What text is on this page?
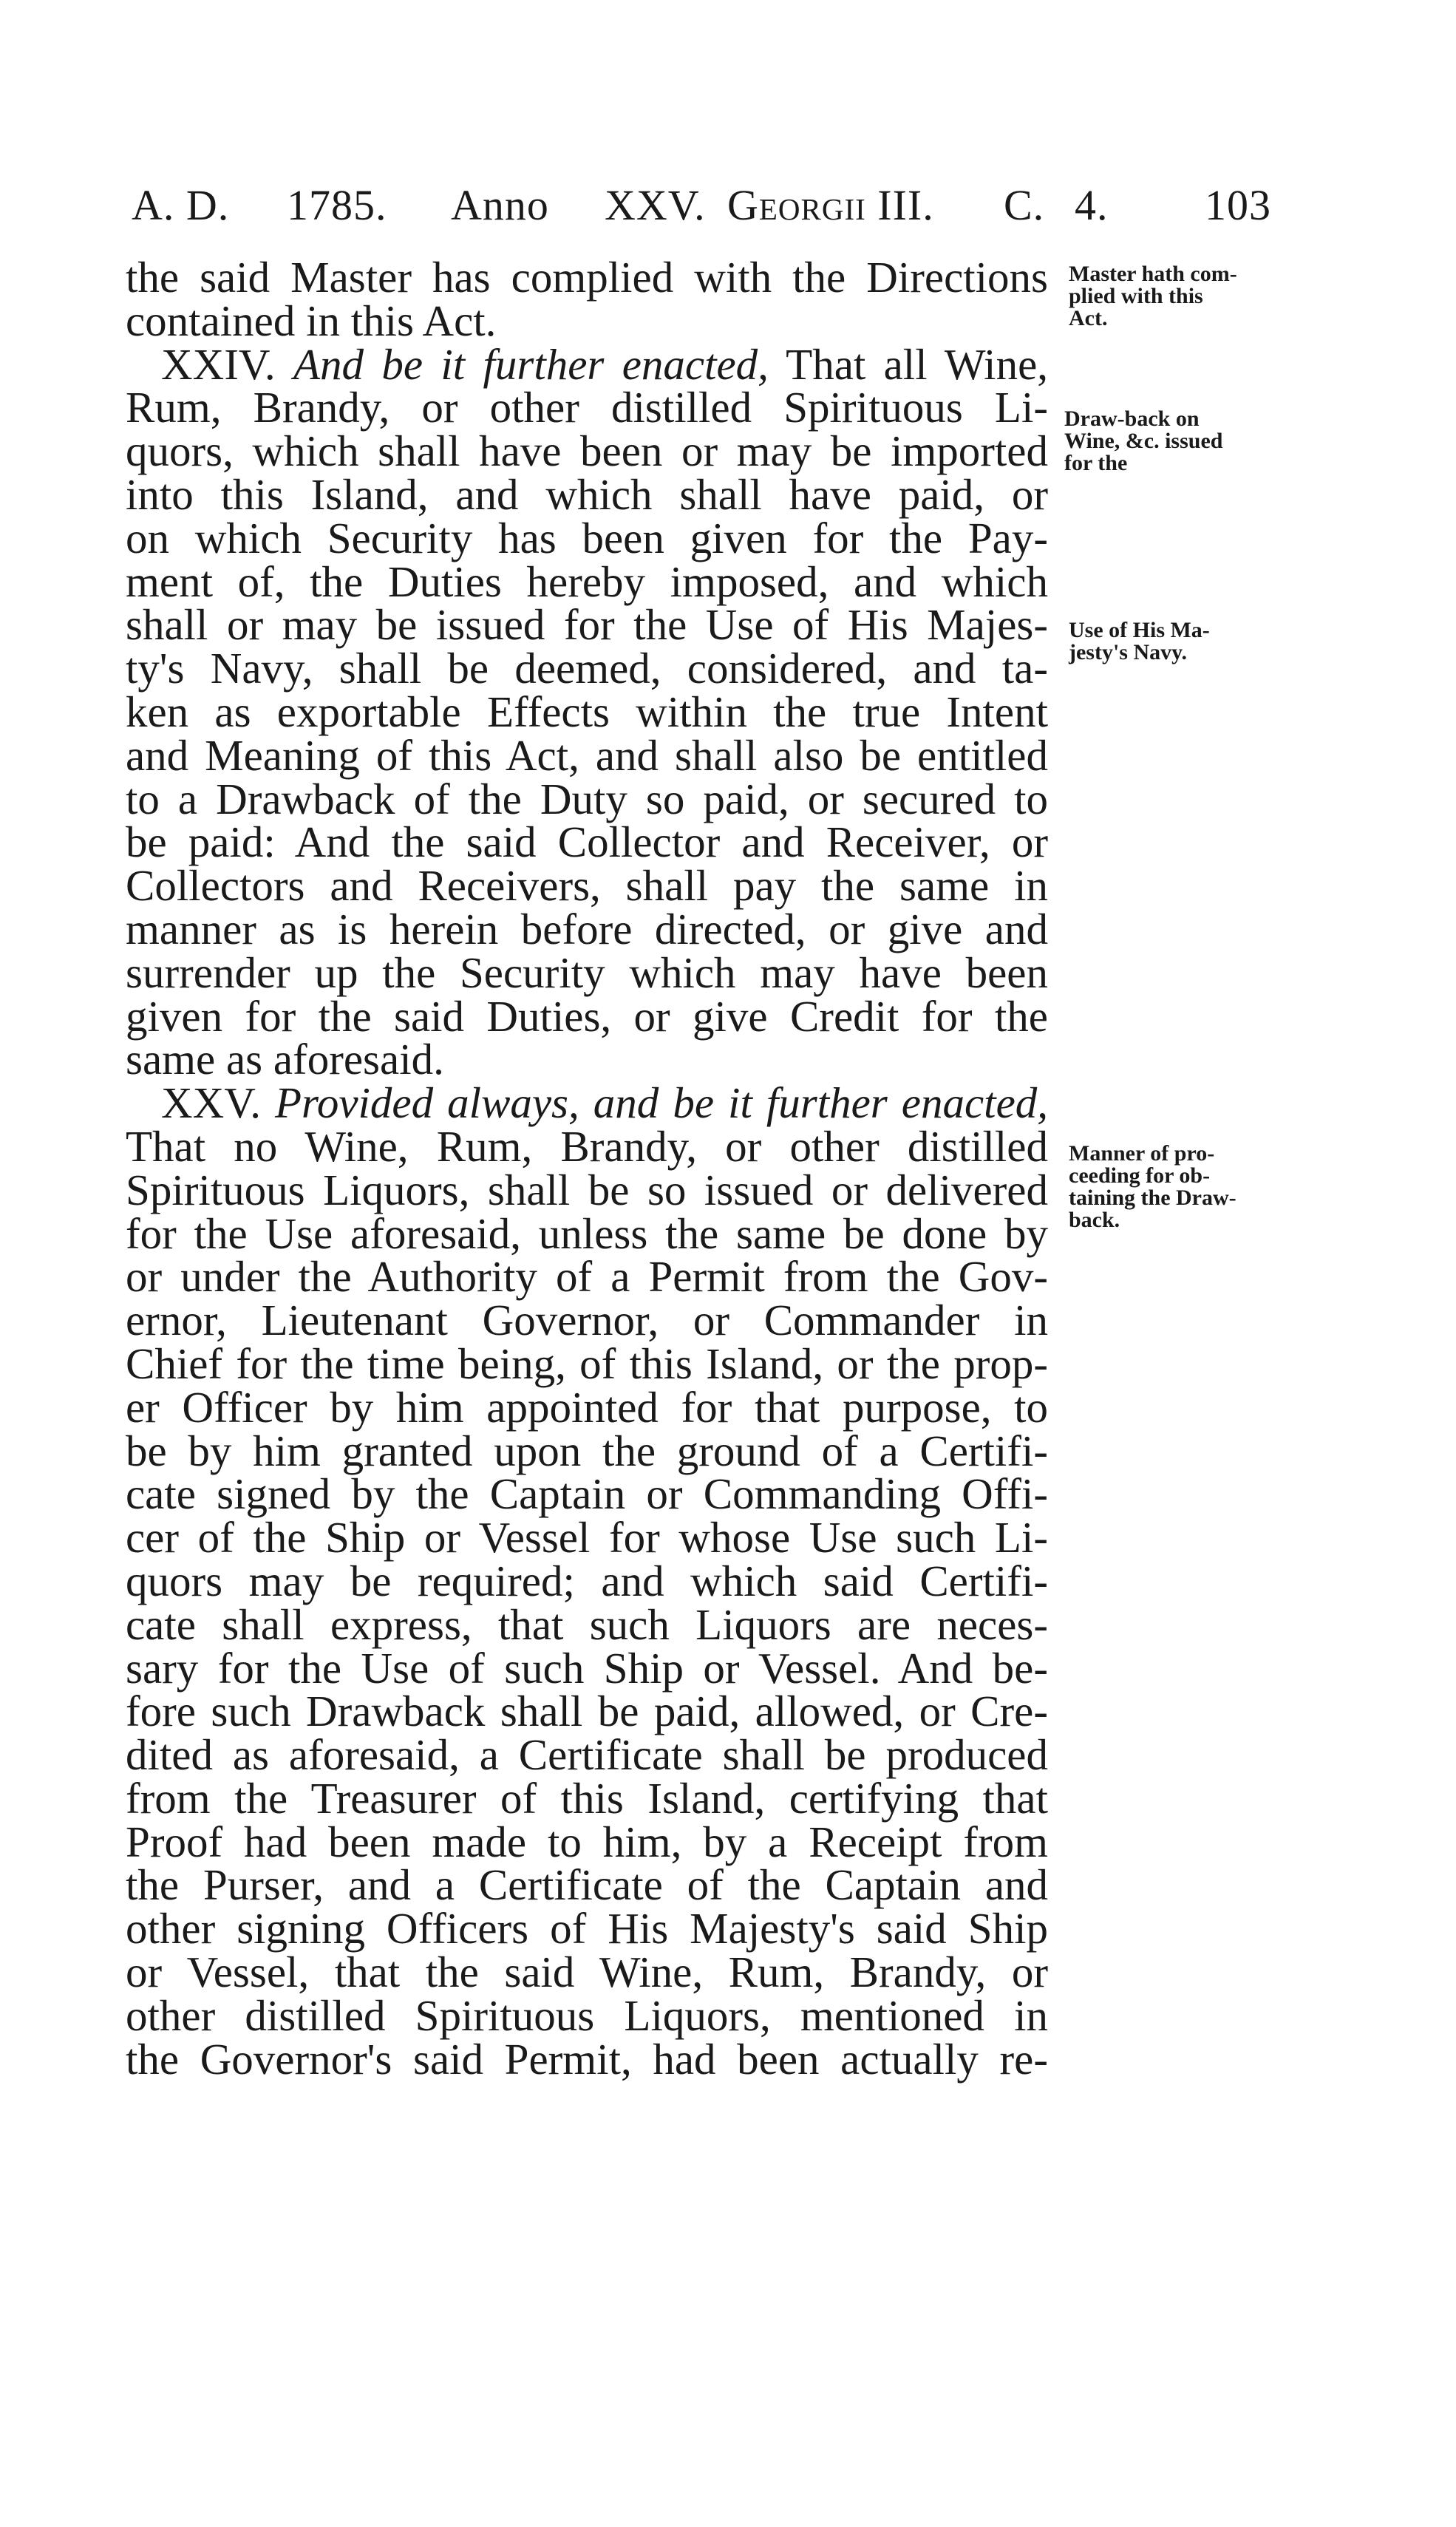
A. D. 1785. Anno XXV. Georgii III. C. 4. 103
the said Master has complied with the Directions
contained in this Act.
XXIV. And be it further enacted, That all Wine,
Rum, Brandy, or other distilled Spirituous Li-
quors, which shall have been or may be imported
into this Island, and which shall have paid, or
on which Security has been given for the Pay-
ment of, the Duties hereby imposed, and which
shall or may be issued for the Use of His Majes-
ty's Navy, shall be deemed, considered, and ta-
ken as exportable Effects within the true Intent
and Meaning of this Act, and shall also be entitled
to a Drawback of the Duty so paid, or secured to
be paid: And the said Collector and Receiver, or
Collectors and Receivers, shall pay the same in
manner as is herein before directed, or give and
surrender up the Security which may have been
given for the said Duties, or give Credit for the
same as aforesaid.
XXV. Provided always, and be it further enacted,
That no Wine, Rum, Brandy, or other distilled
Spirituous Liquors, shall be so issued or delivered
for the Use aforesaid, unless the same be done by
or under the Authority of a Permit from the Gov-
ernor, Lieutenant Governor, or Commander in
Chief for the time being, of this Island, or the prop-
er Officer by him appointed for that purpose, to
be by him granted upon the ground of a Certifi-
cate signed by the Captain or Commanding Offi-
cer of the Ship or Vessel for whose Use such Li-
quors may be required; and which said Certifi-
cate shall express, that such Liquors are neces-
sary for the Use of such Ship or Vessel. And be-
fore such Drawback shall be paid, allowed, or Cre-
dited as aforesaid, a Certificate shall be produced
from the Treasurer of this Island, certifying that
Proof had been made to him, by a Receipt from
the Purser, and a Certificate of the Captain and
other signing Officers of His Majesty's said Ship
or Vessel, that the said Wine, Rum, Brandy, or
other distilled Spirituous Liquors, mentioned in
the Governor's said Permit, had been actually re-
Master hath com-
plied with this
Act.
Draw-back on
Wine, &c. issued
for the
Use of His Ma-
jesty's Navy.
Manner of pro-
ceeding for ob-
taining the Draw-
back.
